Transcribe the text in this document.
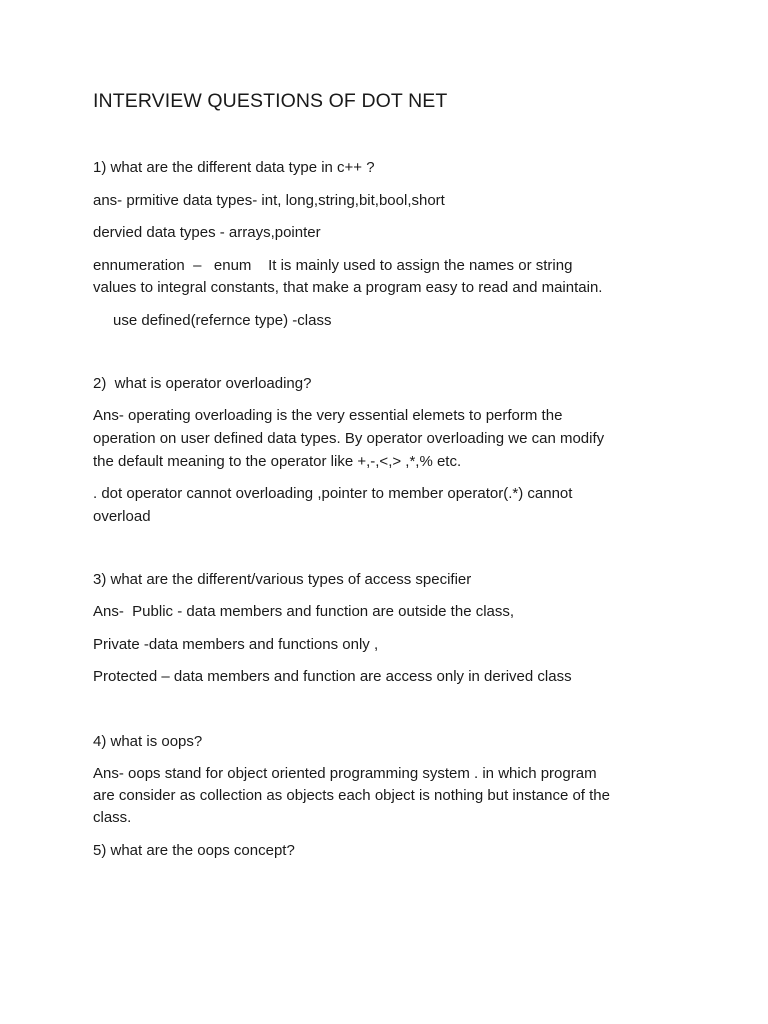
INTERVIEW QUESTIONS OF DOT NET
1) what are the different data type in c++ ?
ans- prmitive data types- int, long,string,bit,bool,short
dervied data types - arrays,pointer
ennumeration  –   enum    It is mainly used to assign the names or string
values to integral constants, that make a program easy to read and maintain.
use defined(refernce type) -class
2)  what is operator overloading?
Ans- operating overloading is the very essential elemets to perform the
operation on user defined data types. By operator overloading we can modify
the default meaning to the operator like +,-,<,> ,*,% etc.
. dot operator cannot overloading ,pointer to member operator(.*) cannot
overload
3) what are the different/various types of access specifier
Ans-  Public - data members and function are outside the class,
Private -data members and functions only ,
Protected – data members and function are access only in derived class
4) what is oops?
Ans- oops stand for object oriented programming system . in which program
are consider as collection as objects each object is nothing but instance of the
class.
5) what are the oops concept?
